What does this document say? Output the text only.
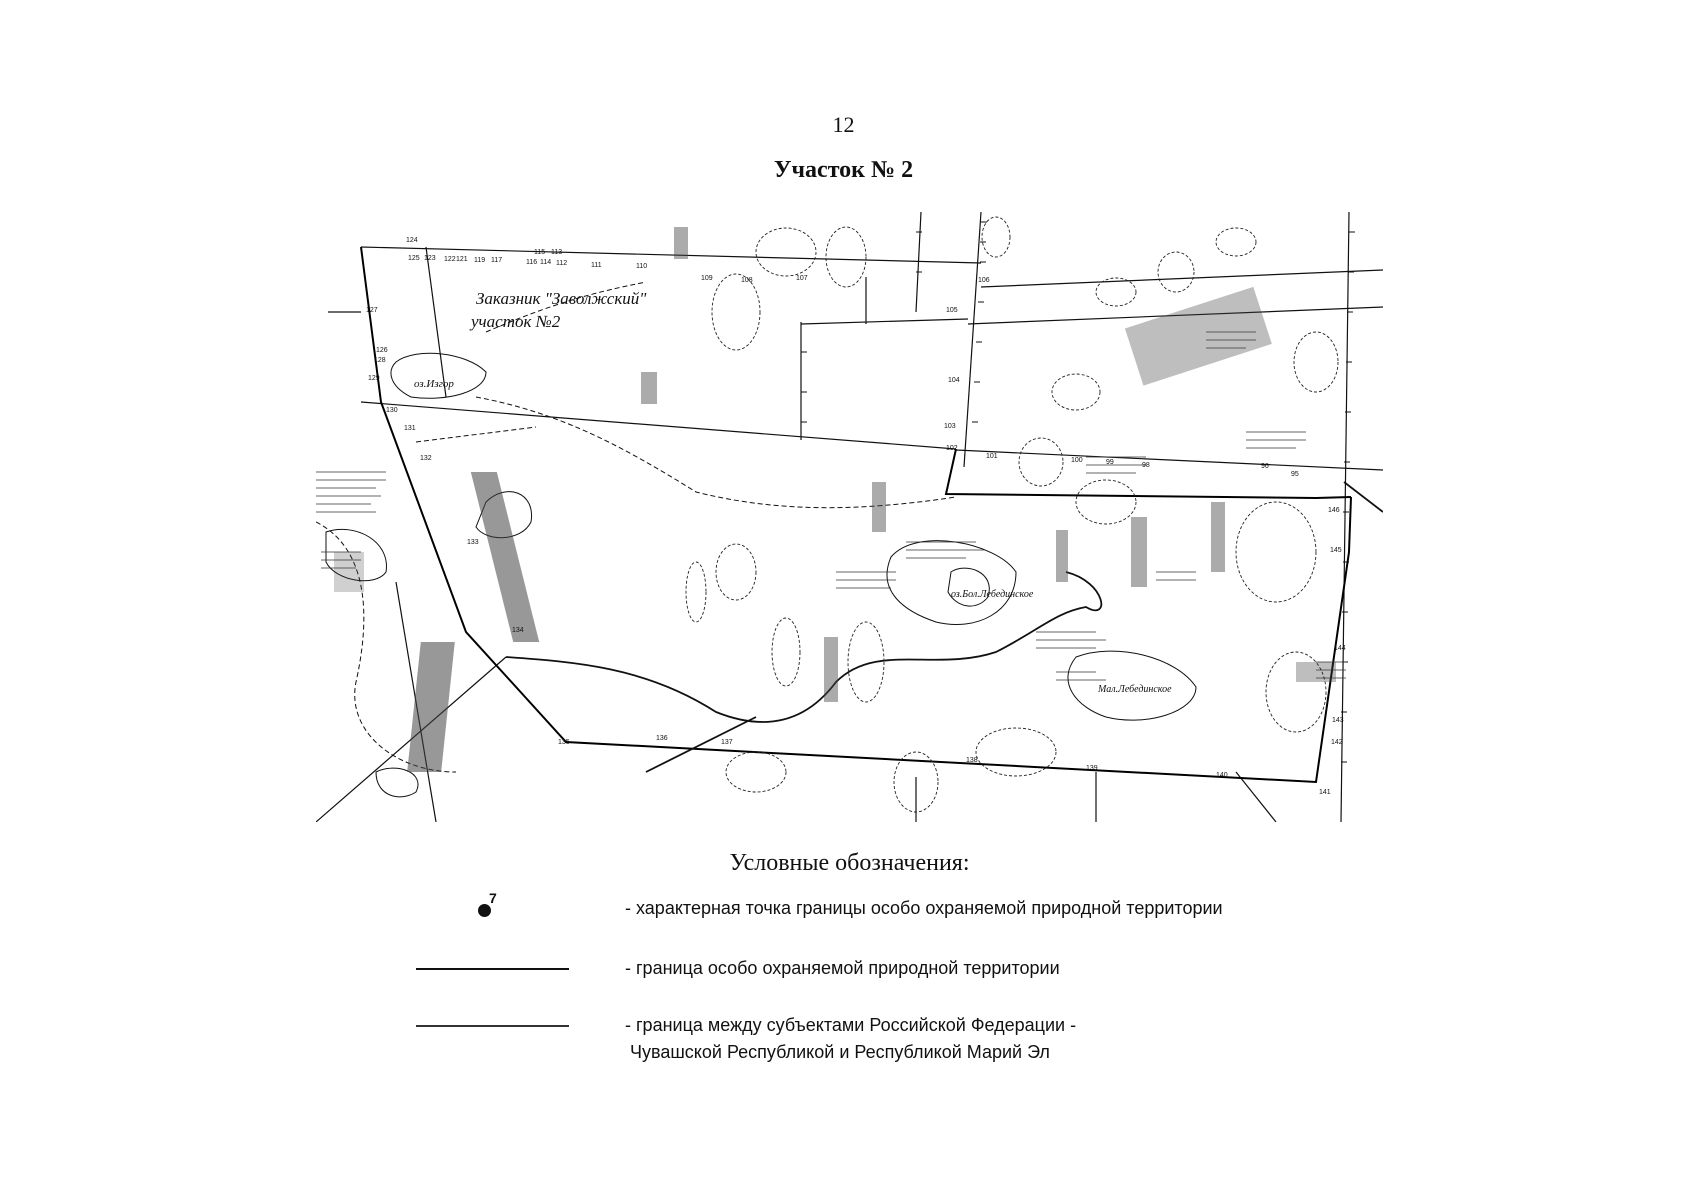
12
Участок № 2
Заказник "Заволжский"
участок №2
оз.Изгор
оз.Бол.Лебединское
Мал.Лебединское
124
125 123 122 121 119 117	116
115
114
113
112	111	110
109	108	107	106
105
104
103
102
101
100	99	98	96
95
146
145
144
143
142
141
140
139
138
137
136
135
134
133
132
131
130
129
128
127
126
Условные обозначения:
7	- характерная точка границы особо охраняемой природной территории
- граница особо охраняемой природной территории
- граница между субъектами Российской Федерации -
Чувашской Республикой и Республикой Марий Эл
